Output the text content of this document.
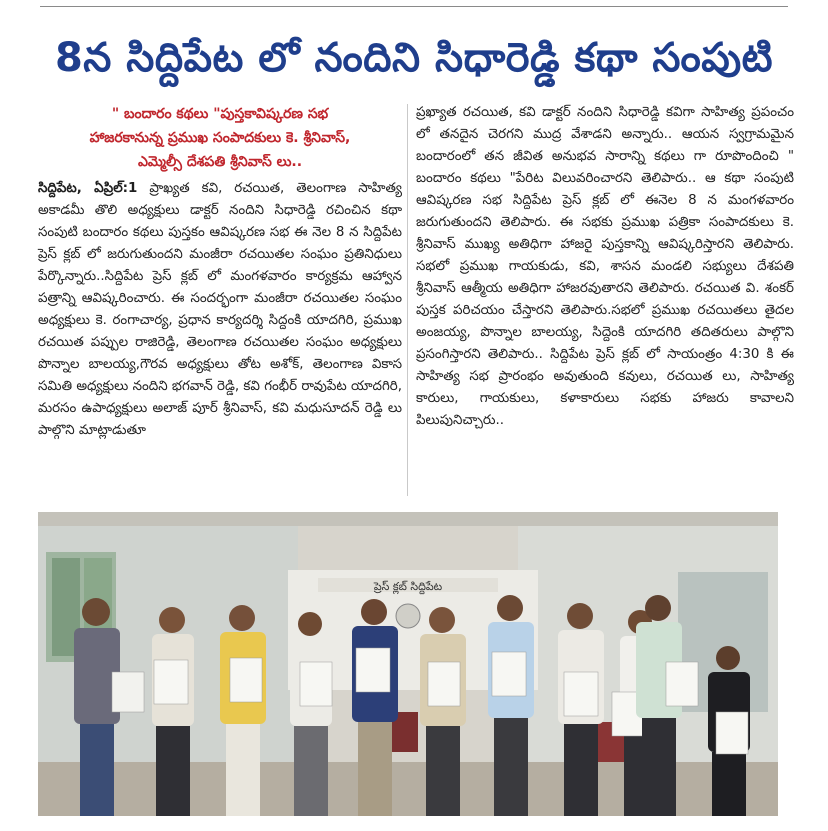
8న సిద్దిపేట లో నందిని సిధారెడ్డి కథా సంపుటి
" బందారం కథలు "పుస్తకావిష్కరణ సభ
హాజరకానున్న ప్రముఖ సంపాదకులు కె. శ్రీనివాస్,
ఎమ్మెల్సీ దేశపతి శ్రీనివాస్ లు..

సిద్దిపేట, ఏప్రిల్:1 ప్రాఖ్యత కవి, రచయిత, తెలంగాణ సాహిత్య అకాడమీ తొలి అధ్యక్షులు డాక్టర్ నందిని సిధారెడ్డి రచించిన కథా సంపుటి బందారం కథలు పుస్తకం ఆవిష్కరణ సభ ఈ నెల 8 న సిద్దిపేట ప్రెస్ క్లబ్ లో జరుగుతుందని మంజీరా రచయితల సంఘం ప్రతినిధులు పేర్కొన్నారు..సిద్దిపేట ప్రెస్ క్లబ్ లో మంగళవారం కార్యక్రమ ఆహ్వాన పత్రాన్ని ఆవిష్కరించారు. ఈ సందర్భంగా మంజీరా రచయితల సంఘం అధ్యక్షులు కె. రంగాచార్య, ప్రధాన కార్యదర్శి సిద్దంకి యాదగిరి, ప్రముఖ రచయిత పప్పుల రాజిరెడ్డి, తెలంగాణ రచయితల సంఘం అధ్యక్షులు పొన్నాల బాలయ్య,గౌరవ అధ్యక్షులు తోట అశోక్, తెలంగాణ వికాస సమితి అధ్యక్షులు నందిని భగవాన్ రెడ్డి, కవి గంభీర్ రావుపేట యాదగిరి, మరసం ఉపాధ్యక్షులు అలాజ్ పూర్ శ్రీనివాస్, కవి మధుసూదన్ రెడ్డి లు పాల్గొని మాట్లాడుతూ

ప్రఖ్యాత రచయిత, కవి డాక్టర్ నందిని సిధారెడ్డి కవిగా సాహిత్య ప్రపంచం లో తనదైన చెరగని ముద్ర వేశాడని అన్నారు.. ఆయన స్వగ్రామమైన బందారంలో తన జీవిత అనుభవ సారాన్ని కథలు గా రూపొందించి " బందారం కథలు "పేరిట విలువరించారని తెలిపారు.. ఆ కథా సంపుటి ఆవిష్కరణ సభ సిద్దిపేట ప్రెస్ క్లబ్ లో ఈనెల 8 న మంగళవారం జరుగుతుందని తెలిపారు. ఈ సభకు ప్రముఖ పత్రికా సంపాదకులు కె. శ్రీనివాస్ ముఖ్య అతిధిగా హాజరై పుస్తకాన్ని ఆవిష్కరిస్తారని తెలిపారు. సభలో ప్రముఖ గాయకుడు, కవి, శాసన మండలి సభ్యులు దేశపతి శ్రీనివాస్ ఆత్మీయ అతిధిగా హాజరవుతారని తెలిపారు. రచయిత వి. శంకర్ పుస్తక పరిచయం చేస్తారని తెలిపారు.సభలో ప్రముఖ రచయితలు తైదల అంజయ్య, పొన్నాల బాలయ్య, సిద్దెంకి యాదగిరి తదితరులు పాల్గొని ప్రసంగిస్తారని తెలిపారు.. సిద్దిపేట ప్రెస్ క్లబ్ లో సాయంత్రం 4:30 కి ఈ సాహిత్య సభ ప్రారంభం అవుతుంది కవులు, రచయిత లు, సాహిత్య కారులు, గాయకులు, కళాకారులు సభకు హాజరు కావాలని పిలుపునిచ్చారు..

ప్రెస్ క్లబ్ సిద్దిపేట
